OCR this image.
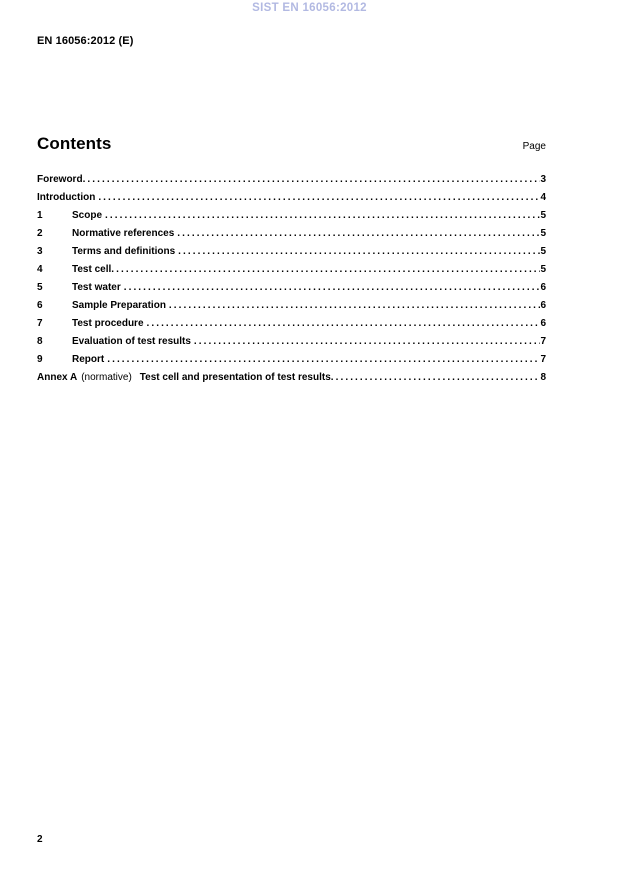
SIST EN 16056:2012
EN 16056:2012 (E)
Contents	Page
Foreword . . .	3
Introduction . . .	4
1	Scope . . .	5
2	Normative references . . .	5
3	Terms and definitions . . .	5
4	Test cell . . .	5
5	Test water . . .	6
6	Sample Preparation . . .	6
7	Test procedure . . .	6
8	Evaluation of test results . . .	7
9	Report . . .	7
Annex A (normative) Test cell and presentation of test results . . .	8
2
